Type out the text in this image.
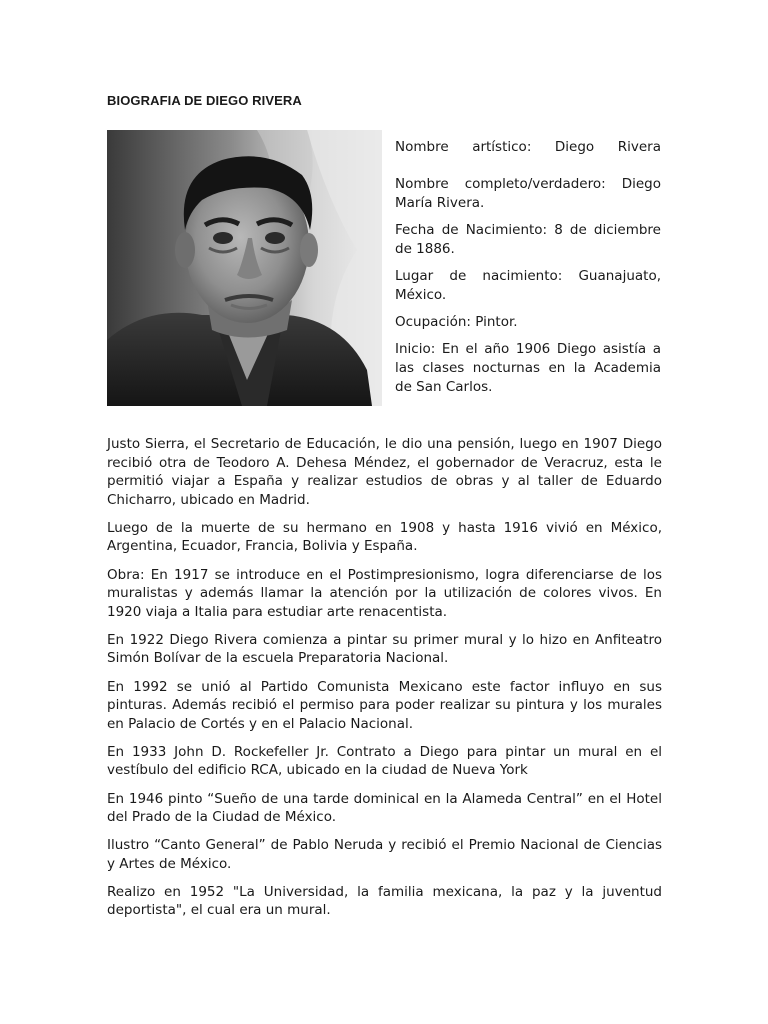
BIOGRAFIA DE DIEGO RIVERA

Nombre artístico: Diego Rivera

Nombre completo/verdadero: Diego María Rivera.

Fecha de Nacimiento: 8 de diciembre de 1886.

Lugar de nacimiento: Guanajuato, México.

Ocupación: Pintor.

Inicio: En el año 1906 Diego asistía a las clases nocturnas en la Academia de San Carlos.

Justo Sierra, el Secretario de Educación, le dio una pensión, luego en 1907 Diego recibió otra de Teodoro A. Dehesa Méndez, el gobernador de Veracruz, esta le permitió viajar a España y realizar estudios de obras y al taller de Eduardo Chicharro, ubicado en Madrid.

Luego de la muerte de su hermano en 1908 y hasta 1916 vivió en México, Argentina, Ecuador, Francia, Bolivia y España.

Obra: En 1917 se introduce en el Postimpresionismo, logra diferenciarse de los muralistas y además llamar la atención por la utilización de colores vivos. En 1920 viaja a Italia para estudiar arte renacentista.

En 1922 Diego Rivera comienza a pintar su primer mural y lo hizo en Anfiteatro Simón Bolívar de la escuela Preparatoria Nacional.

En 1992 se unió al Partido Comunista Mexicano este factor influyo en sus pinturas. Además recibió el permiso para poder realizar su pintura y los murales en Palacio de Cortés y en el Palacio Nacional.

En 1933 John D. Rockefeller Jr. Contrato a Diego para pintar un mural en el vestíbulo del edificio RCA, ubicado en la ciudad de Nueva York

En 1946 pinto “Sueño de una tarde dominical en la Alameda Central” en el Hotel del Prado de la Ciudad de México.

Ilustro “Canto General” de Pablo Neruda y recibió el Premio Nacional de Ciencias y Artes de México.

Realizo en 1952 "La Universidad, la familia mexicana, la paz y la juventud deportista", el cual era un mural.
